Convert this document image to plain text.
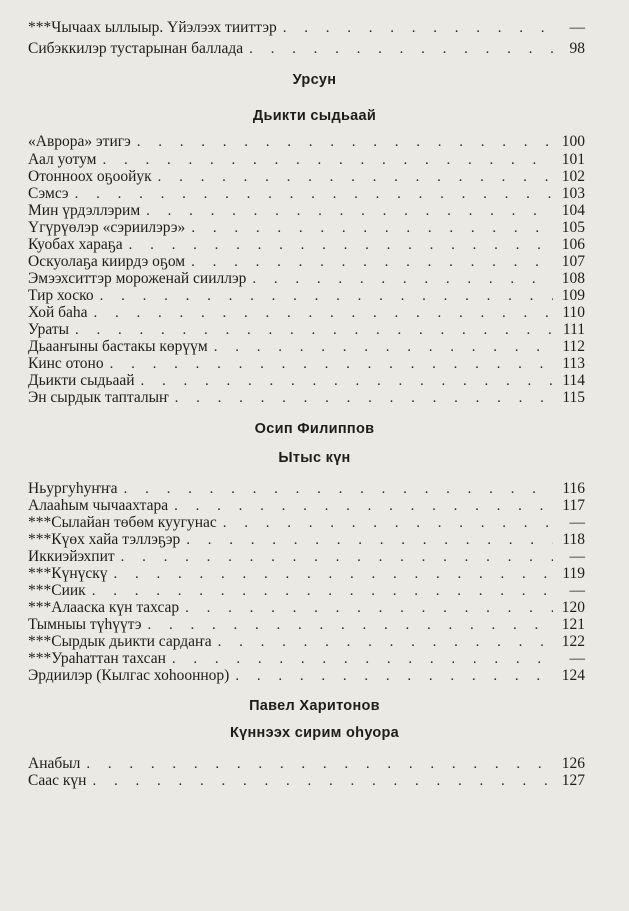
***Чычаах ыллыыр. Үйэлээх тииттэр . . .	—
Сибэккилэр тустарынан баллада . . .	98
Урсун
Дьикти сыдьаай
«Аврора» этигэ . . .	100
Аал уотум . . .	101
Отонноох оҕоойук . . .	102
Сэмсэ . . .	103
Мин үрдэллэрим . . .	104
Үгүрүөлэр «сэриилэрэ» . . .	105
Куобах хараҕа . . .	106
Оскуолаҕа киирдэ оҕом . . .	107
Эмээхситтэр мороженай сииллэр . . .	108
Тир хоско . . .	109
Хой баһа . . .	110
Ураты . . .	111
Дьааҥыны бастакы көрүүм . . .	112
Кинс отоно . . .	113
Дьикти сыдьаай . . .	114
Эн сырдык тапталыҥ . . .	115
Осип Филиппов
Ытыс күн
Ньургуһуҥҥа . . .	116
Алааһым чычаахтара . . .	117
***Сылайан төбөм куугунас . . .	—
***Күөх хайа тэллэҕэр . . .	118
Иккиэйэхпит . . .	—
***Күнүскү . . .	119
***Сиик . . .	—
***Алааска күн тахсар . . .	120
Тымныы түһүүтэ . . .	121
***Сырдык дьикти сардаҥа . . .	122
***Ураһаттан тахсан . . .	—
Эрдиилэр (Кылгас хоһооннор) . . .	124
Павел Харитонов
Күннээх сирим оһуора
Анабыл . . .	126
Саас күн . . .	127
